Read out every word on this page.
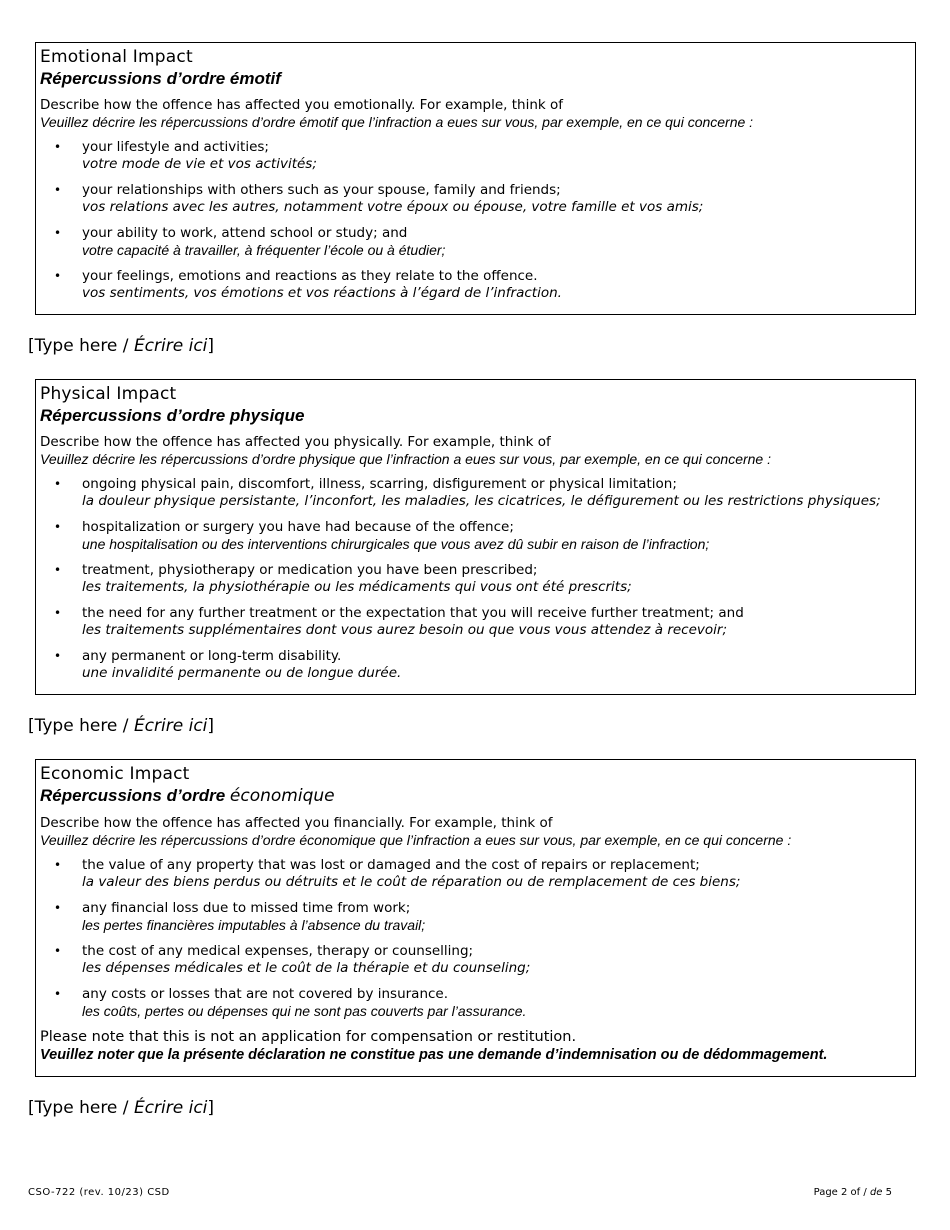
Emotional Impact
Répercussions d’ordre émotif
Describe how the offence has affected you emotionally. For example, think of
Veuillez décrire les répercussions d’ordre émotif que l’infraction a eues sur vous, par exemple, en ce qui concerne :
• your lifestyle and activities;
votre mode de vie et vos activités;
• your relationships with others such as your spouse, family and friends;
vos relations avec les autres, notamment votre époux ou épouse, votre famille et vos amis;
• your ability to work, attend school or study; and
votre capacité à travailler, à fréquenter l’école ou à étudier;
• your feelings, emotions and reactions as they relate to the offence.
vos sentiments, vos émotions et vos réactions à l’égard de l’infraction.
[Type here / Écrire ici]
Physical Impact
Répercussions d’ordre physique
Describe how the offence has affected you physically. For example, think of
Veuillez décrire les répercussions d’ordre physique que l’infraction a eues sur vous, par exemple, en ce qui concerne :
• ongoing physical pain, discomfort, illness, scarring, disfigurement or physical limitation;
la douleur physique persistante, l’inconfort, les maladies, les cicatrices, le défigurement ou les restrictions physiques;
• hospitalization or surgery you have had because of the offence;
une hospitalisation ou des interventions chirurgicales que vous avez dû subir en raison de l’infraction;
• treatment, physiotherapy or medication you have been prescribed;
les traitements, la physiothérapie ou les médicaments qui vous ont été prescrits;
• the need for any further treatment or the expectation that you will receive further treatment; and
les traitements supplémentaires dont vous aurez besoin ou que vous vous attendez à recevoir;
• any permanent or long-term disability.
une invalidité permanente ou de longue durée.
[Type here / Écrire ici]
Economic Impact
Répercussions d’ordre économique
Describe how the offence has affected you financially. For example, think of
Veuillez décrire les répercussions d’ordre économique que l’infraction a eues sur vous, par exemple, en ce qui concerne :
• the value of any property that was lost or damaged and the cost of repairs or replacement;
la valeur des biens perdus ou détruits et le coût de réparation ou de remplacement de ces biens;
• any financial loss due to missed time from work;
les pertes financières imputables à l’absence du travail;
• the cost of any medical expenses, therapy or counselling;
les dépenses médicales et le coût de la thérapie et du counseling;
• any costs or losses that are not covered by insurance.
les coûts, pertes ou dépenses qui ne sont pas couverts par l’assurance.
Please note that this is not an application for compensation or restitution.
Veuillez noter que la présente déclaration ne constitue pas une demande d’indemnisation ou de dédommagement.
[Type here / Écrire ici]
CSO-722 (rev. 10/23) CSD	Page 2 of / de 5
